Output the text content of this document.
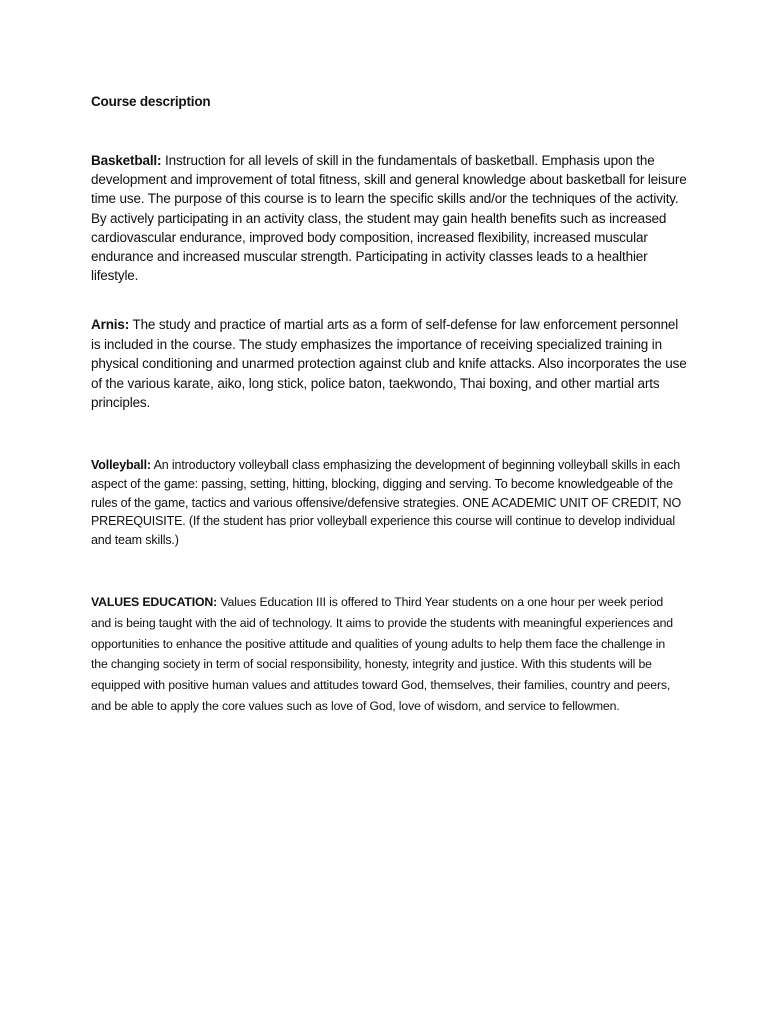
Course description

Basketball: Instruction for all levels of skill in the fundamentals of basketball. Emphasis upon the development and improvement of total fitness, skill and general knowledge about basketball for leisure time use. The purpose of this course is to learn the specific skills and/or the techniques of the activity. By actively participating in an activity class, the student may gain health benefits such as increased cardiovascular endurance, improved body composition, increased flexibility, increased muscular endurance and increased muscular strength. Participating in activity classes leads to a healthier lifestyle.

Arnis: The study and practice of martial arts as a form of self-defense for law enforcement personnel is included in the course. The study emphasizes the importance of receiving specialized training in physical conditioning and unarmed protection against club and knife attacks. Also incorporates the use of the various karate, aiko, long stick, police baton, taekwondo, Thai boxing, and other martial arts principles.

Volleyball: An introductory volleyball class emphasizing the development of beginning volleyball skills in each aspect of the game: passing, setting, hitting, blocking, digging and serving. To become knowledgeable of the rules of the game, tactics and various offensive/defensive strategies. ONE ACADEMIC UNIT OF CREDIT, NO PREREQUISITE. (If the student has prior volleyball experience this course will continue to develop individual and team skills.)

VALUES EDUCATION: Values Education III is offered to Third Year students on a one hour per week period and is being taught with the aid of technology. It aims to provide the students with meaningful experiences and opportunities to enhance the positive attitude and qualities of young adults to help them face the challenge in the changing society in term of social responsibility, honesty, integrity and justice. With this students will be equipped with positive human values and attitudes toward God, themselves, their families, country and peers, and be able to apply the core values such as love of God, love of wisdom, and service to fellowmen.
